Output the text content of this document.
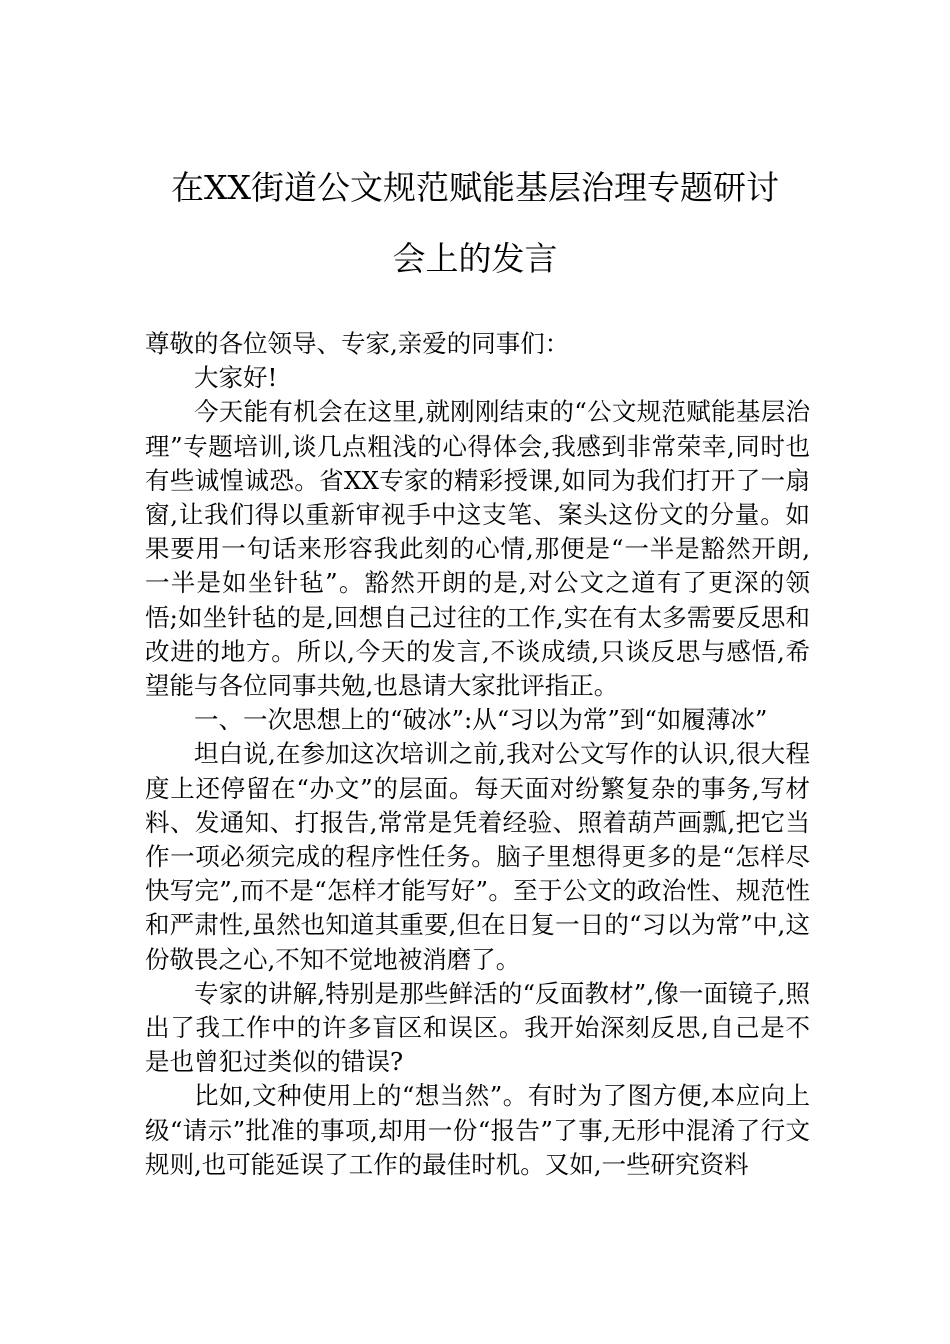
在XX街道公文规范赋能基层治理专题研讨
会上的发言

尊敬的各位领导、专家,亲爱的同事们：

大家好!

今天能有机会在这里,就刚刚结束的“公文规范赋能基层治理”专题培训,谈几点粗浅的心得体会,我感到非常荣幸,同时也有些诚惶诚恐。省XX专家的精彩授课,如同为我们打开了一扇窗,让我们得以重新审视手中这支笔、案头这份文的分量。如果要用一句话来形容我此刻的心情,那便是“一半是豁然开朗,一半是如坐针毡”。豁然开朗的是,对公文之道有了更深的领悟;如坐针毡的是,回想自己过往的工作,实在有太多需要反思和改进的地方。所以,今天的发言,不谈成绩,只谈反思与感悟,希望能与各位同事共勉,也恳请大家批评指正。

一、一次思想上的“破冰”:从“习以为常”到“如履薄冰”

坦白说,在参加这次培训之前,我对公文写作的认识,很大程度上还停留在“办文”的层面。每天面对纷繁复杂的事务,写材料、发通知、打报告,常常是凭着经验、照着葫芦画瓢,把它当作一项必须完成的程序性任务。脑子里想得更多的是“怎样尽快写完”,而不是“怎样才能写好”。至于公文的政治性、规范性和严肃性,虽然也知道其重要,但在日复一日的“习以为常”中,这份敬畏之心,不知不觉地被消磨了。

专家的讲解,特别是那些鲜活的“反面教材”,像一面镜子,照出了我工作中的许多盲区和误区。我开始深刻反思,自己是不是也曾犯过类似的错误?

比如,文种使用上的“想当然”。有时为了图方便,本应向上级“请示”批准的事项,却用一份“报告”了事,无形中混淆了行文规则,也可能延误了工作的最佳时机。又如,一些研究资料
